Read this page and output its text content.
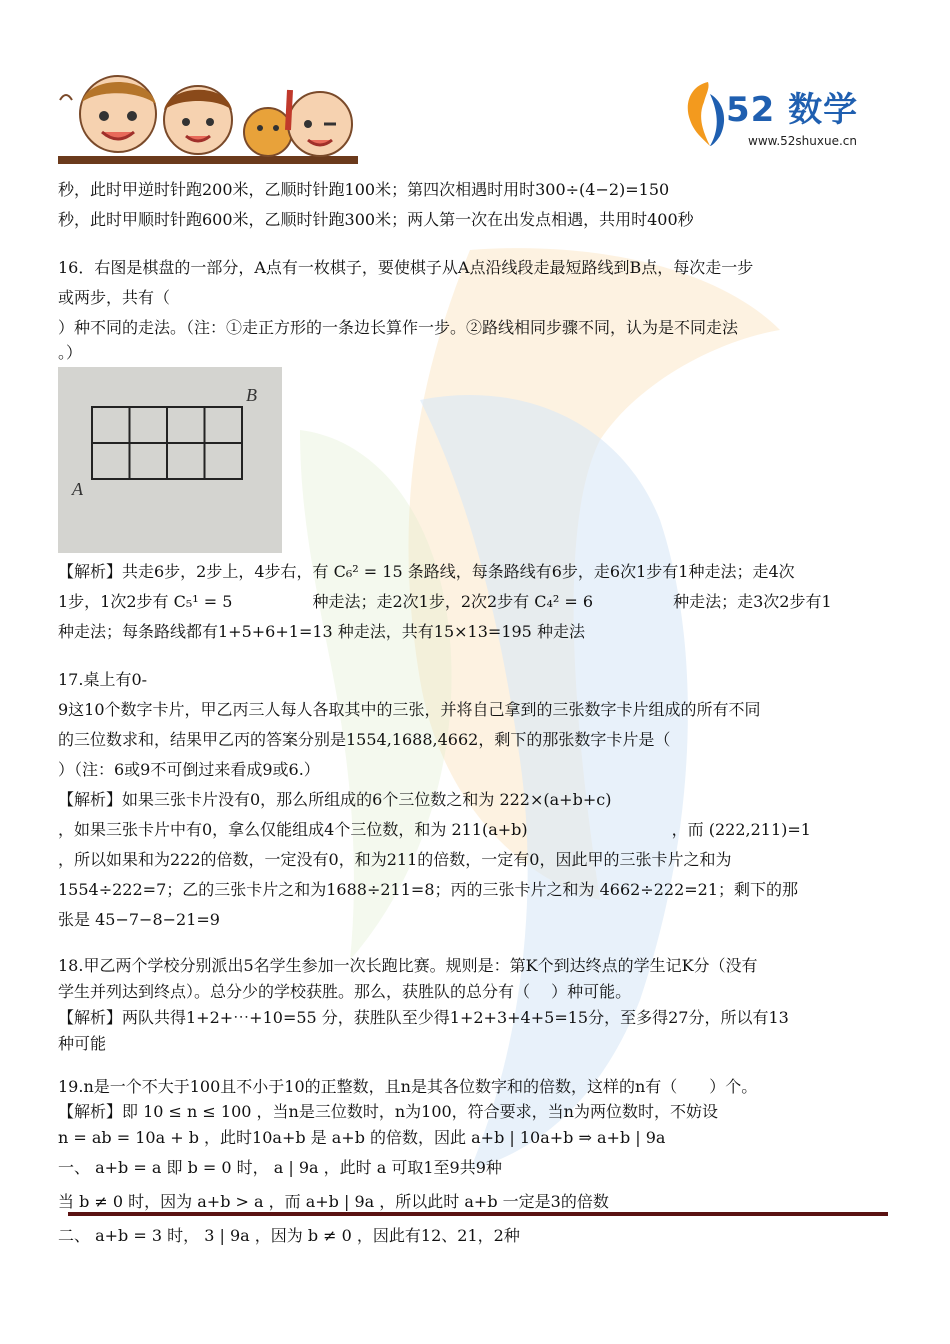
52 数学
www.52shuxue.cn

秒，此时甲逆时针跑200米，乙顺时针跑100米；第四次相遇时用时300÷(4−2)=150

秒，此时甲顺时针跑600米，乙顺时针跑300米；两人第一次在出发点相遇，共用时400秒

16．右图是棋盘的一部分，A点有一枚棋子，要使棋子从A点沿线段走最短路线到B点，每次走一步

或两步，共有（

）种不同的走法。（注：①走正方形的一条边长算作一步。②路线相同步骤不同，认为是不同走法

。）

B
A

【解析】共走6步，2步上，4步右，有 C₆² = 15 条路线，每条路线有6步，走6次1步有1种走法；走4次

1步，1次2步有 C₅¹ = 5　　　　　种走法；走2次1步，2次2步有 C₄² = 6　　　　　种走法；走3次2步有1

种走法；每条路线都有1+5+6+1=13 种走法，共有15×13=195 种走法

17.桌上有0-

9这10个数字卡片，甲乙丙三人每人各取其中的三张，并将自己拿到的三张数字卡片组成的所有不同

的三位数求和，结果甲乙丙的答案分别是1554,1688,4662，剩下的那张数字卡片是（

）（注：6或9不可倒过来看成9或6.）

【解析】如果三张卡片没有0，那么所组成的6个三位数之和为 222×(a+b+c)

，如果三张卡片中有0，拿么仅能组成4个三位数，和为 211(a+b)　　　　　　　　　，而 (222,211)=1

，所以如果和为222的倍数，一定没有0，和为211的倍数，一定有0，因此甲的三张卡片之和为

1554÷222=7；乙的三张卡片之和为1688÷211=8；丙的三张卡片之和为 4662÷222=21；剩下的那

张是 45−7−8−21=9

18.甲乙两个学校分别派出5名学生参加一次长跑比赛。规则是：第K个到达终点的学生记K分（没有

学生并列达到终点）。总分少的学校获胜。那么，获胜队的总分有（　 ）种可能。

【解析】两队共得1+2+⋯+10=55 分，获胜队至少得1+2+3+4+5=15分，至多得27分，所以有13

种可能

19.n是一个不大于100且不小于10的正整数，且n是其各位数字和的倍数，这样的n有（　　）个。

【解析】即 10 ≤ n ≤ 100 ，当n是三位数时，n为100，符合要求，当n为两位数时，不妨设

n = ab = 10a + b ，此时10a+b 是 a+b 的倍数，因此 a+b | 10a+b ⇒ a+b | 9a

一、 a+b = a 即 b = 0 时， a | 9a ，此时 a 可取1至9共9种

当 b ≠ 0 时，因为 a+b > a ，而 a+b | 9a ，所以此时 a+b 一定是3的倍数

二、 a+b = 3 时， 3 | 9a ，因为 b ≠ 0 ，因此有12、21，2种
